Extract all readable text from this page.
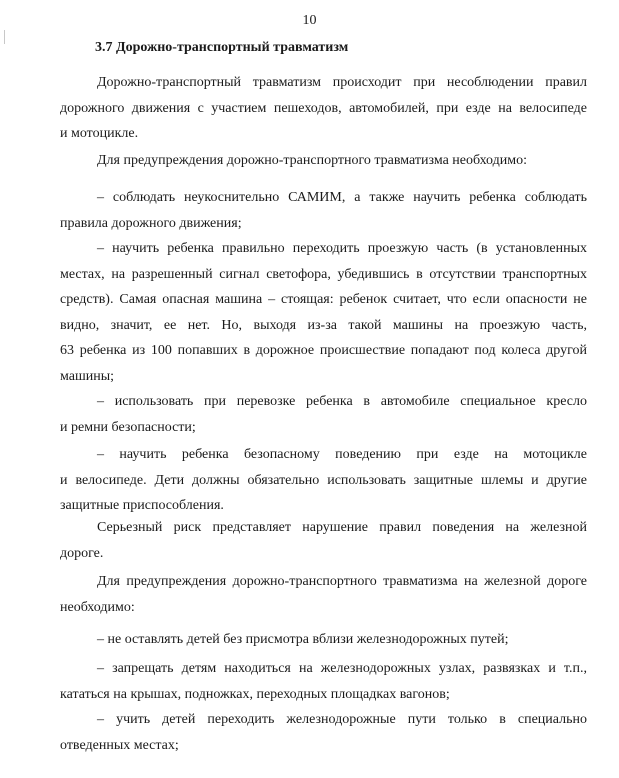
10
3.7 Дорожно-транспортный травматизм
Дорожно-транспортный травматизм происходит при несоблюдении правил
дорожного движения с участием пешеходов, автомобилей, при езде на велосипеде
и мотоцикле.
Для предупреждения дорожно-транспортного травматизма необходимо:
– соблюдать неукоснительно САМИМ, а также научить ребенка соблюдать
правила дорожного движения;
– научить ребенка правильно переходить проезжую часть (в установленных
местах, на разрешенный сигнал светофора, убедившись в отсутствии транспортных
средств). Самая опасная машина – стоящая: ребенок считает, что если опасности не
видно, значит, ее нет. Но, выходя из-за такой машины на проезжую часть,
63 ребенка из 100 попавших в дорожное происшествие попадают под колеса другой
машины;
– использовать при перевозке ребенка в автомобиле специальное кресло
и ремни безопасности;
– научить ребенка безопасному поведению при езде на мотоцикле
и велосипеде. Дети должны обязательно использовать защитные шлемы и другие
защитные приспособления.
Серьезный риск представляет нарушение правил поведения на железной
дороге.
Для предупреждения дорожно-транспортного травматизма на железной дороге
необходимо:
– не оставлять детей без присмотра вблизи железнодорожных путей;
– запрещать детям находиться на железнодорожных узлах, развязках и т.п.,
кататься на крышах, подножках, переходных площадках вагонов;
– учить детей переходить железнодорожные пути только в специально
отведенных местах;
